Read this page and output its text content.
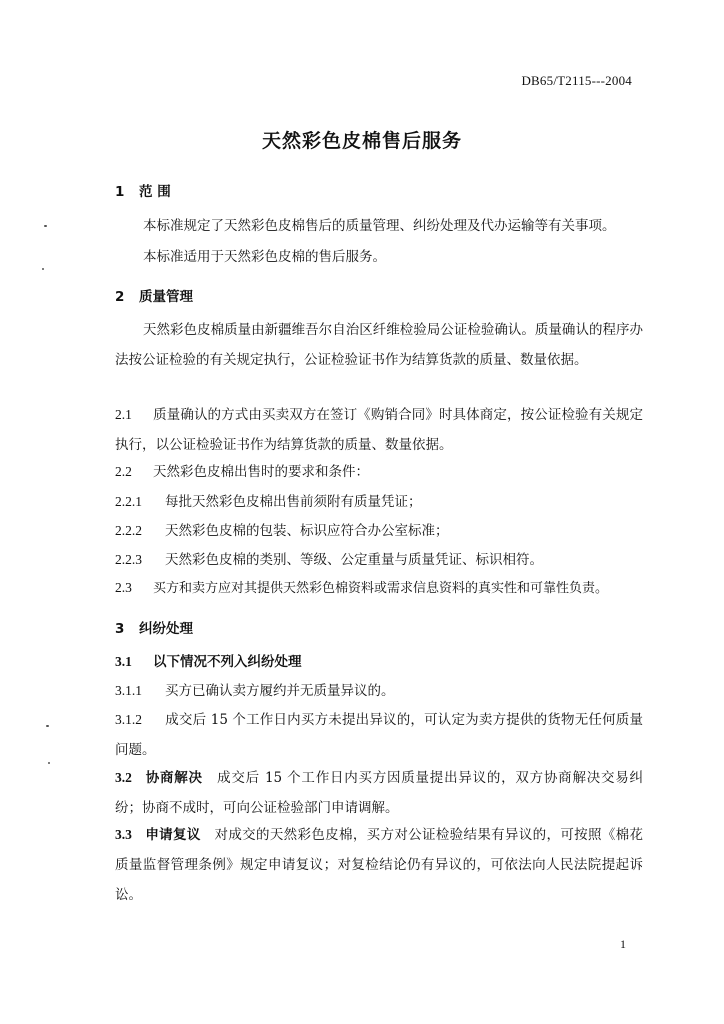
DB65/T2115---2004
天然彩色皮棉售后服务
1 范 围
本标准规定了天然彩色皮棉售后的质量管理、纠纷处理及代办运输等有关事项。
本标准适用于天然彩色皮棉的售后服务。
2 质量管理
天然彩色皮棉质量由新疆维吾尔自治区纤维检验局公证检验确认。质量确认的程序办法按公证检验的有关规定执行，公证检验证书作为结算货款的质量、数量依据。
2.1 质量确认的方式由买卖双方在签订《购销合同》时具体商定，按公证检验有关规定执行，以公证检验证书作为结算货款的质量、数量依据。
2.2 天然彩色皮棉出售时的要求和条件：
2.2.1 每批天然彩色皮棉出售前须附有质量凭证；
2.2.2 天然彩色皮棉的包装、标识应符合办公室标准；
2.2.3 天然彩色皮棉的类别、等级、公定重量与质量凭证、标识相符。
2.3 买方和卖方应对其提供天然彩色棉资料或需求信息资料的真实性和可靠性负责。
3 纠纷处理
3.1 以下情况不列入纠纷处理
3.1.1 买方已确认卖方履约并无质量异议的。
3.1.2 成交后 15 个工作日内买方未提出异议的，可认定为卖方提供的货物无任何质量问题。
3.2 协商解决　 成交后 15 个工作日内买方因质量提出异议的，双方协商解决交易纠纷；协商不成时，可向公证检验部门申请调解。
3.3 申请复议　 对成交的天然彩色皮棉，买方对公证检验结果有异议的，可按照《棉花质量监督管理条例》规定申请复议；对复检结论仍有异议的，可依法向人民法院提起诉讼。
1
